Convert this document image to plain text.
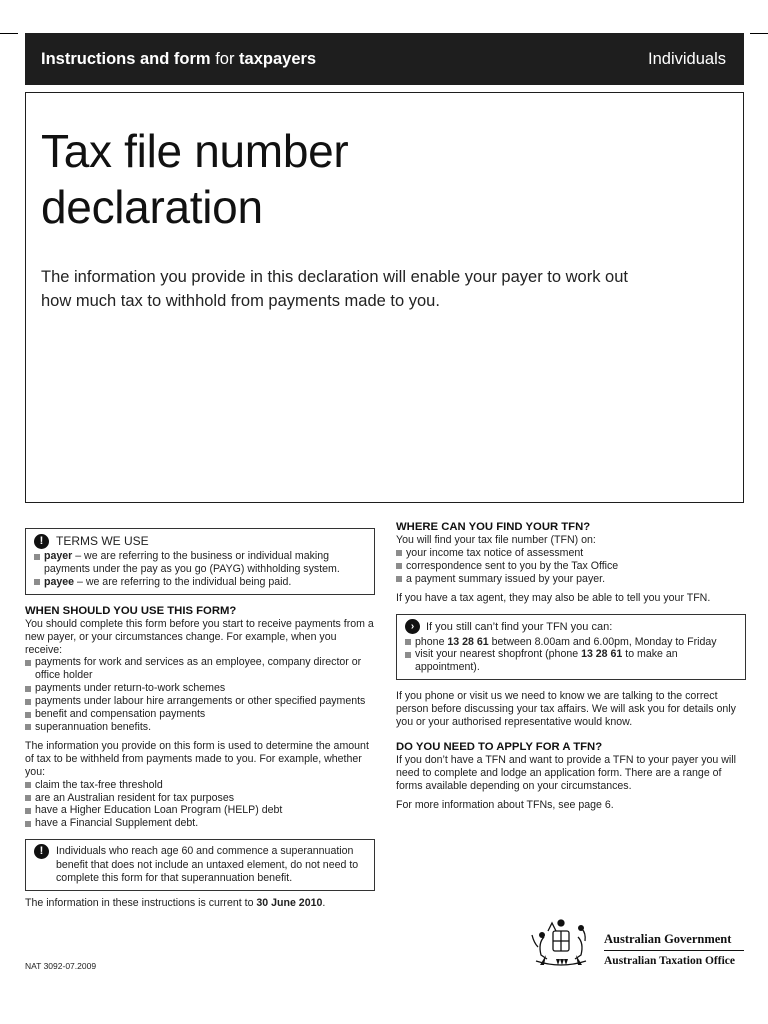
Instructions and form for taxpayers	Individuals
Tax file number
declaration

The information you provide in this declaration will enable your payer to work out how much tax to withhold from payments made to you.

!	TERMS WE USE
payer – we are referring to the business or individual making payments under the pay as you go (PAYG) withholding system.
payee – we are referring to the individual being paid.
WHEN SHOULD YOU USE THIS FORM?

You should complete this form before you start to receive payments from a new payer, or your circumstances change. For example, when you receive:

payments for work and services as an employee, company director or office holder
payments under return-to-work schemes
payments under labour hire arrangements or other specified payments
benefit and compensation payments
superannuation benefits.

The information you provide on this form is used to determine the amount of tax to be withheld from payments made to you. For example, whether you:

claim the tax-free threshold
are an Australian resident for tax purposes
have a Higher Education Loan Program (HELP) debt
have a Financial Supplement debt.

! Individuals who reach age 60 and commence a superannuation benefit that does not include an untaxed element, do not need to complete this form for that superannuation benefit.

The information in these instructions is current to 30 June 2010.

NAT 3092-07.2009
WHERE CAN YOU FIND YOUR TFN?

You will find your tax file number (TFN) on:

your income tax notice of assessment
correspondence sent to you by the Tax Office
a payment summary issued by your payer.

If you have a tax agent, they may also be able to tell you your TFN.

›	If you still can’t find your TFN you can:
phone 13 28 61 between 8.00am and 6.00pm, Monday to Friday
visit your nearest shopfront (phone 13 28 61 to make an appointment).

If you phone or visit us we need to know we are talking to the correct person before discussing your tax affairs. We will ask you for details only you or your authorised representative would know.

DO YOU NEED TO APPLY FOR A TFN?

If you don’t have a TFN and want to provide a TFN to your payer you will need to complete and lodge an application form. There are a range of forms available depending on your circumstances.

For more information about TFNs, see page 6.

Australian Government
Australian Taxation Office
